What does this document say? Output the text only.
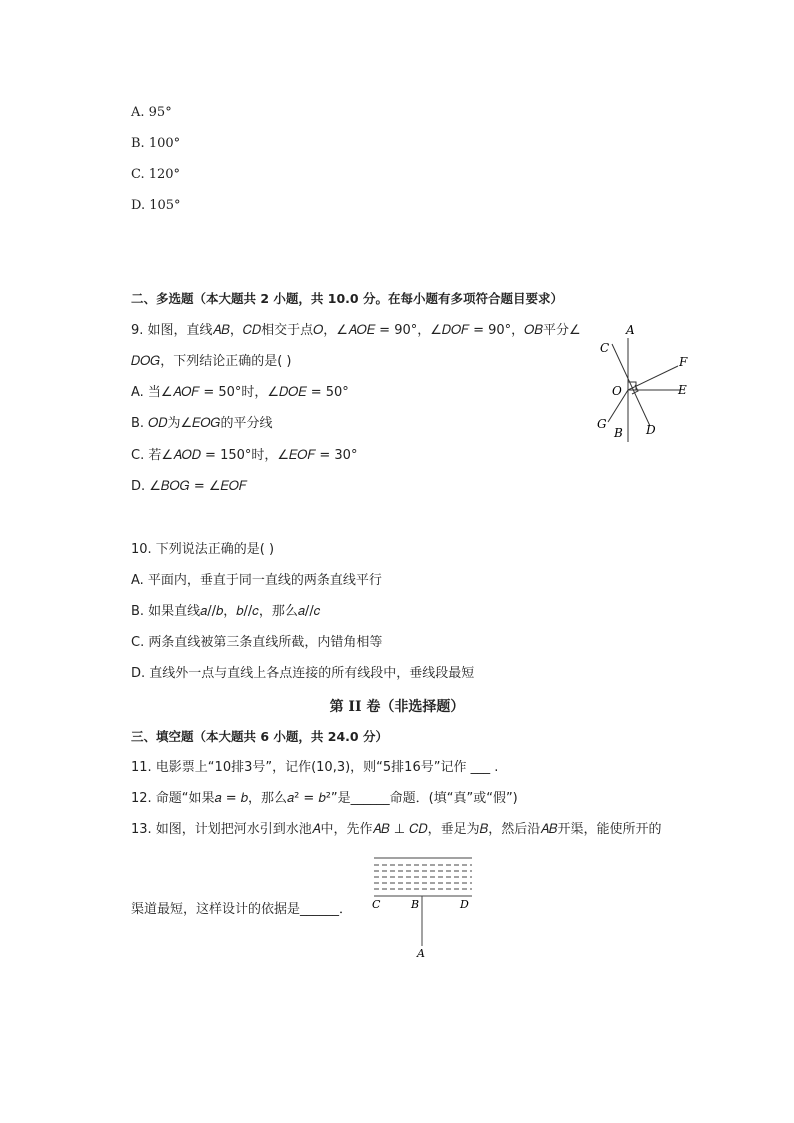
A. 95°
B. 100°
C. 120°
D. 105°
二、多选题（本大题共 2 小题，共 10.0 分。在每小题有多项符合题目要求）
9. 如图，直线𝐴𝐵，𝐶𝐷相交于点𝑂，∠𝐴𝑂𝐸 = 90°，∠𝐷𝑂𝐹 = 90°，𝑂𝐵平分∠
𝐷𝑂𝐺，下列结论正确的是( )
A. 当∠𝐴𝑂𝐹 = 50°时，∠𝐷𝑂𝐸 = 50°
B. 𝑂𝐷为∠𝐸𝑂𝐺的平分线
C. 若∠𝐴𝑂𝐷 = 150°时，∠𝐸𝑂𝐹 = 30°
D. ∠𝐵𝑂𝐺 = ∠𝐸𝑂𝐹
A
C
F
O	E
G
B D
10. 下列说法正确的是( )
A. 平面内，垂直于同一直线的两条直线平行
B. 如果直线𝑎//𝑏，𝑏//𝑐，那么𝑎//𝑐
C. 两条直线被第三条直线所截，内错角相等
D. 直线外一点与直线上各点连接的所有线段中，垂线段最短
第 II 卷（非选择题）
三、填空题（本大题共 6 小题，共 24.0 分）
11. 电影票上“10排3号”，记作(10,3)，则“5排16号”记作 ___ .
12. 命题“如果𝑎 = 𝑏，那么𝑎² = 𝑏²”是______命题．(填“真”或“假”)
13. 如图，计划把河水引到水池𝐴中，先作𝐴𝐵 ⊥ 𝐶𝐷，垂足为𝐵，然后沿𝐴𝐵开渠，能使所开的
渠道最短，这样设计的依据是______． C	B	D
A
